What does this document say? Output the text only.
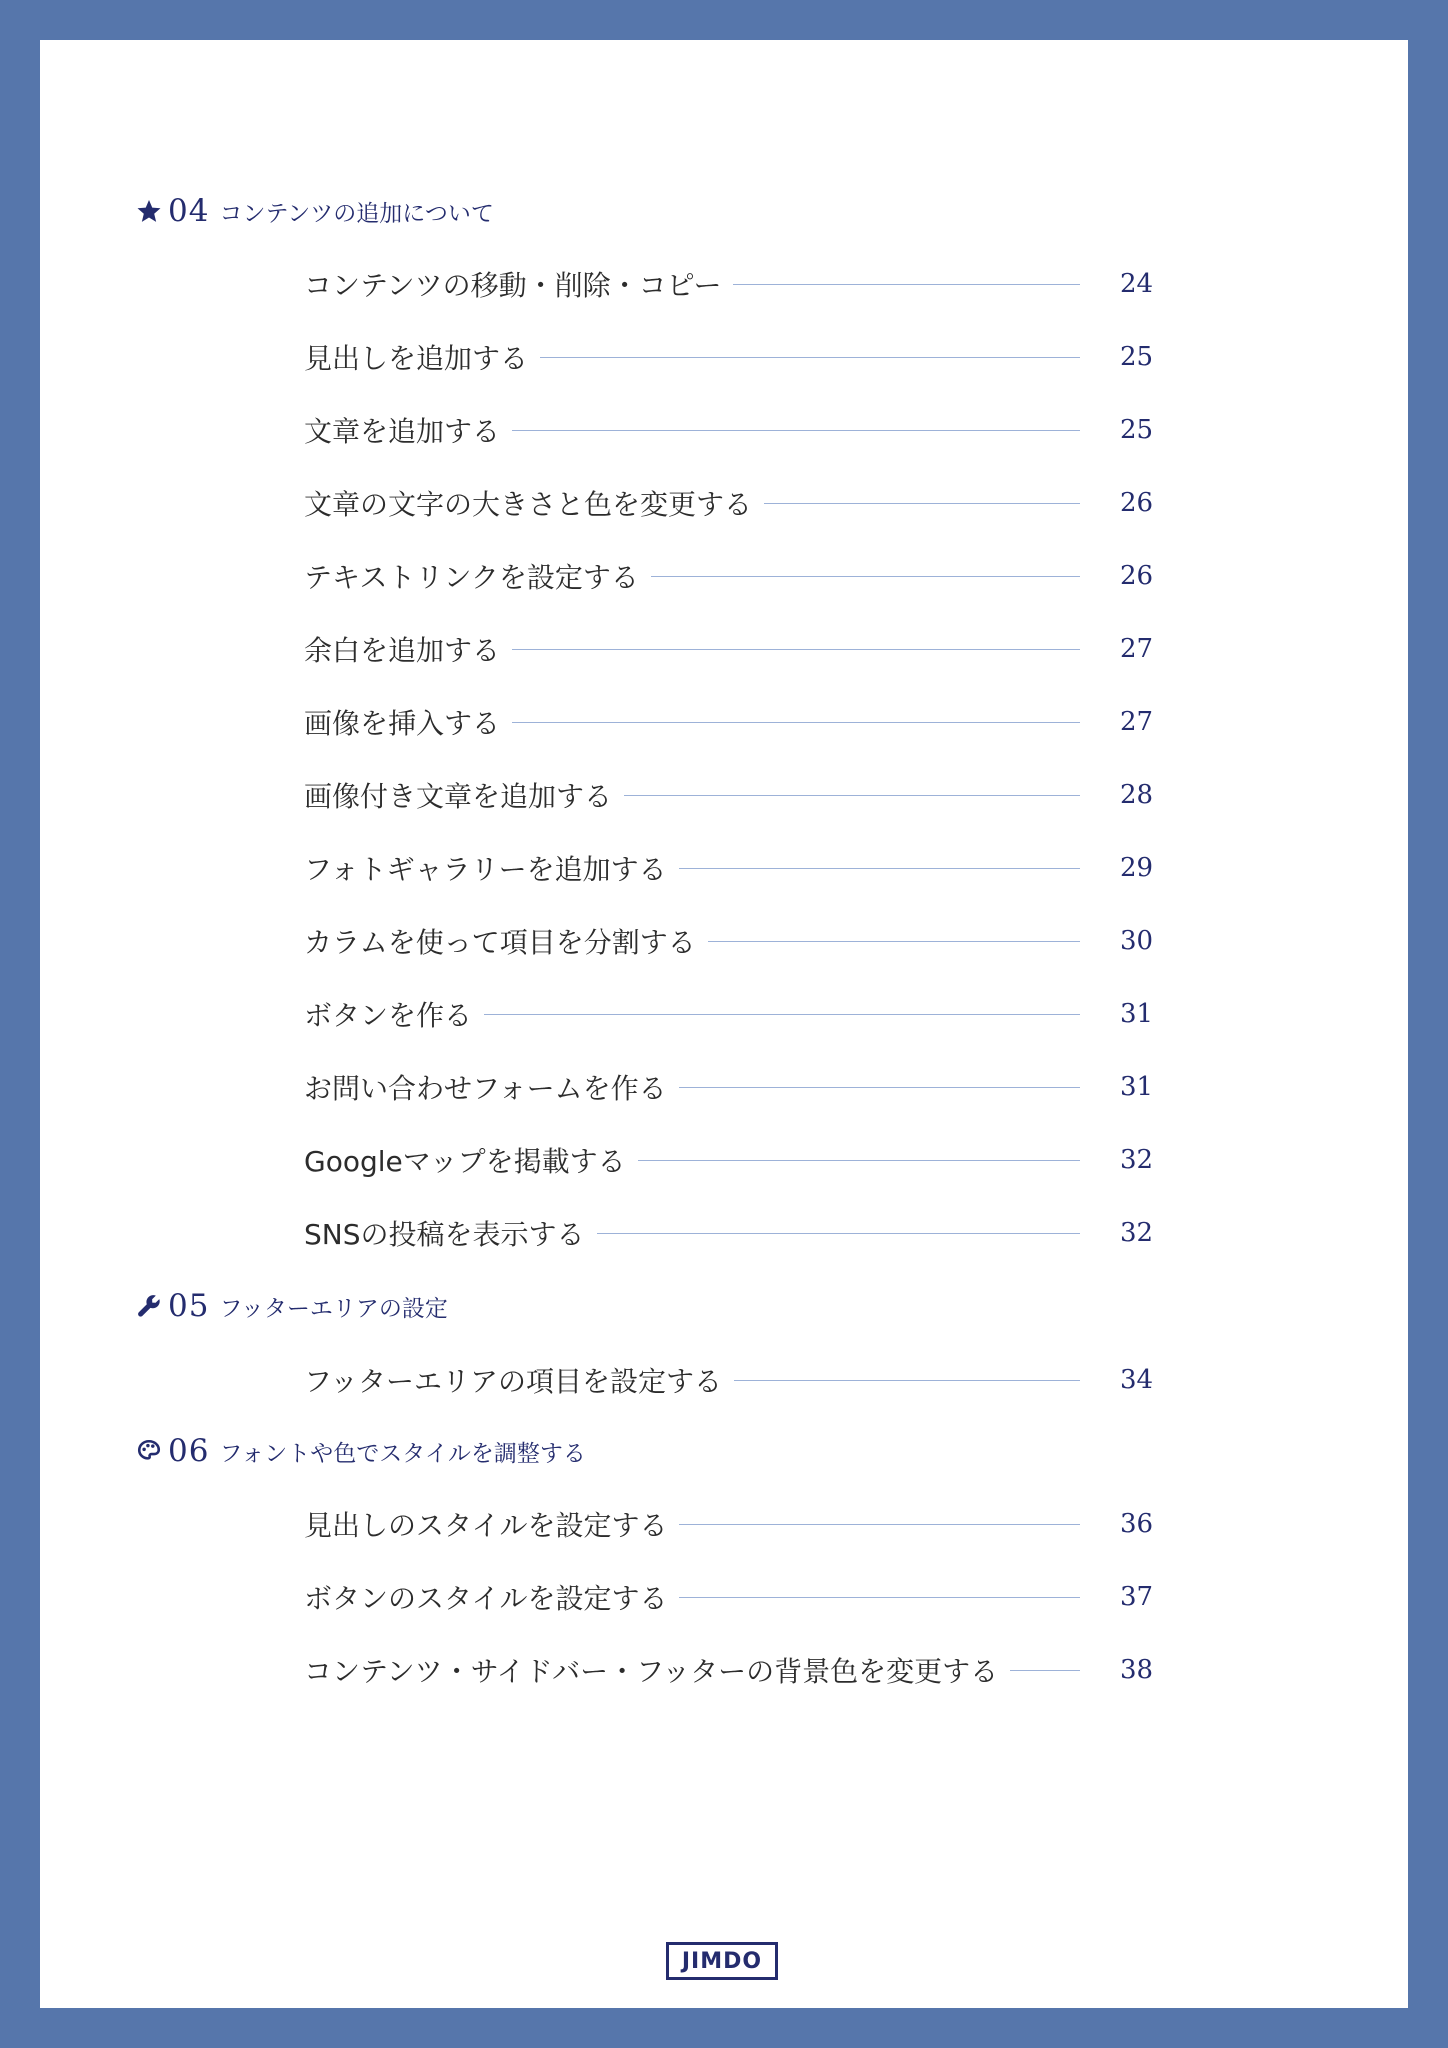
04 コンテンツの追加について
コンテンツの移動・削除・コピー	24
見出しを追加する	25
文章を追加する	25
文章の文字の大きさと色を変更する	26
テキストリンクを設定する	26
余白を追加する	27
画像を挿入する	27
画像付き文章を追加する	28
フォトギャラリーを追加する	29
カラムを使って項目を分割する	30
ボタンを作る	31
お問い合わせフォームを作る	31
Googleマップを掲載する	32
SNSの投稿を表示する	32
05 フッターエリアの設定
フッターエリアの項目を設定する	34
06 フォントや色でスタイルを調整する
見出しのスタイルを設定する	36
ボタンのスタイルを設定する	37
コンテンツ・サイドバー・フッターの背景色を変更する	38
JIMDO
